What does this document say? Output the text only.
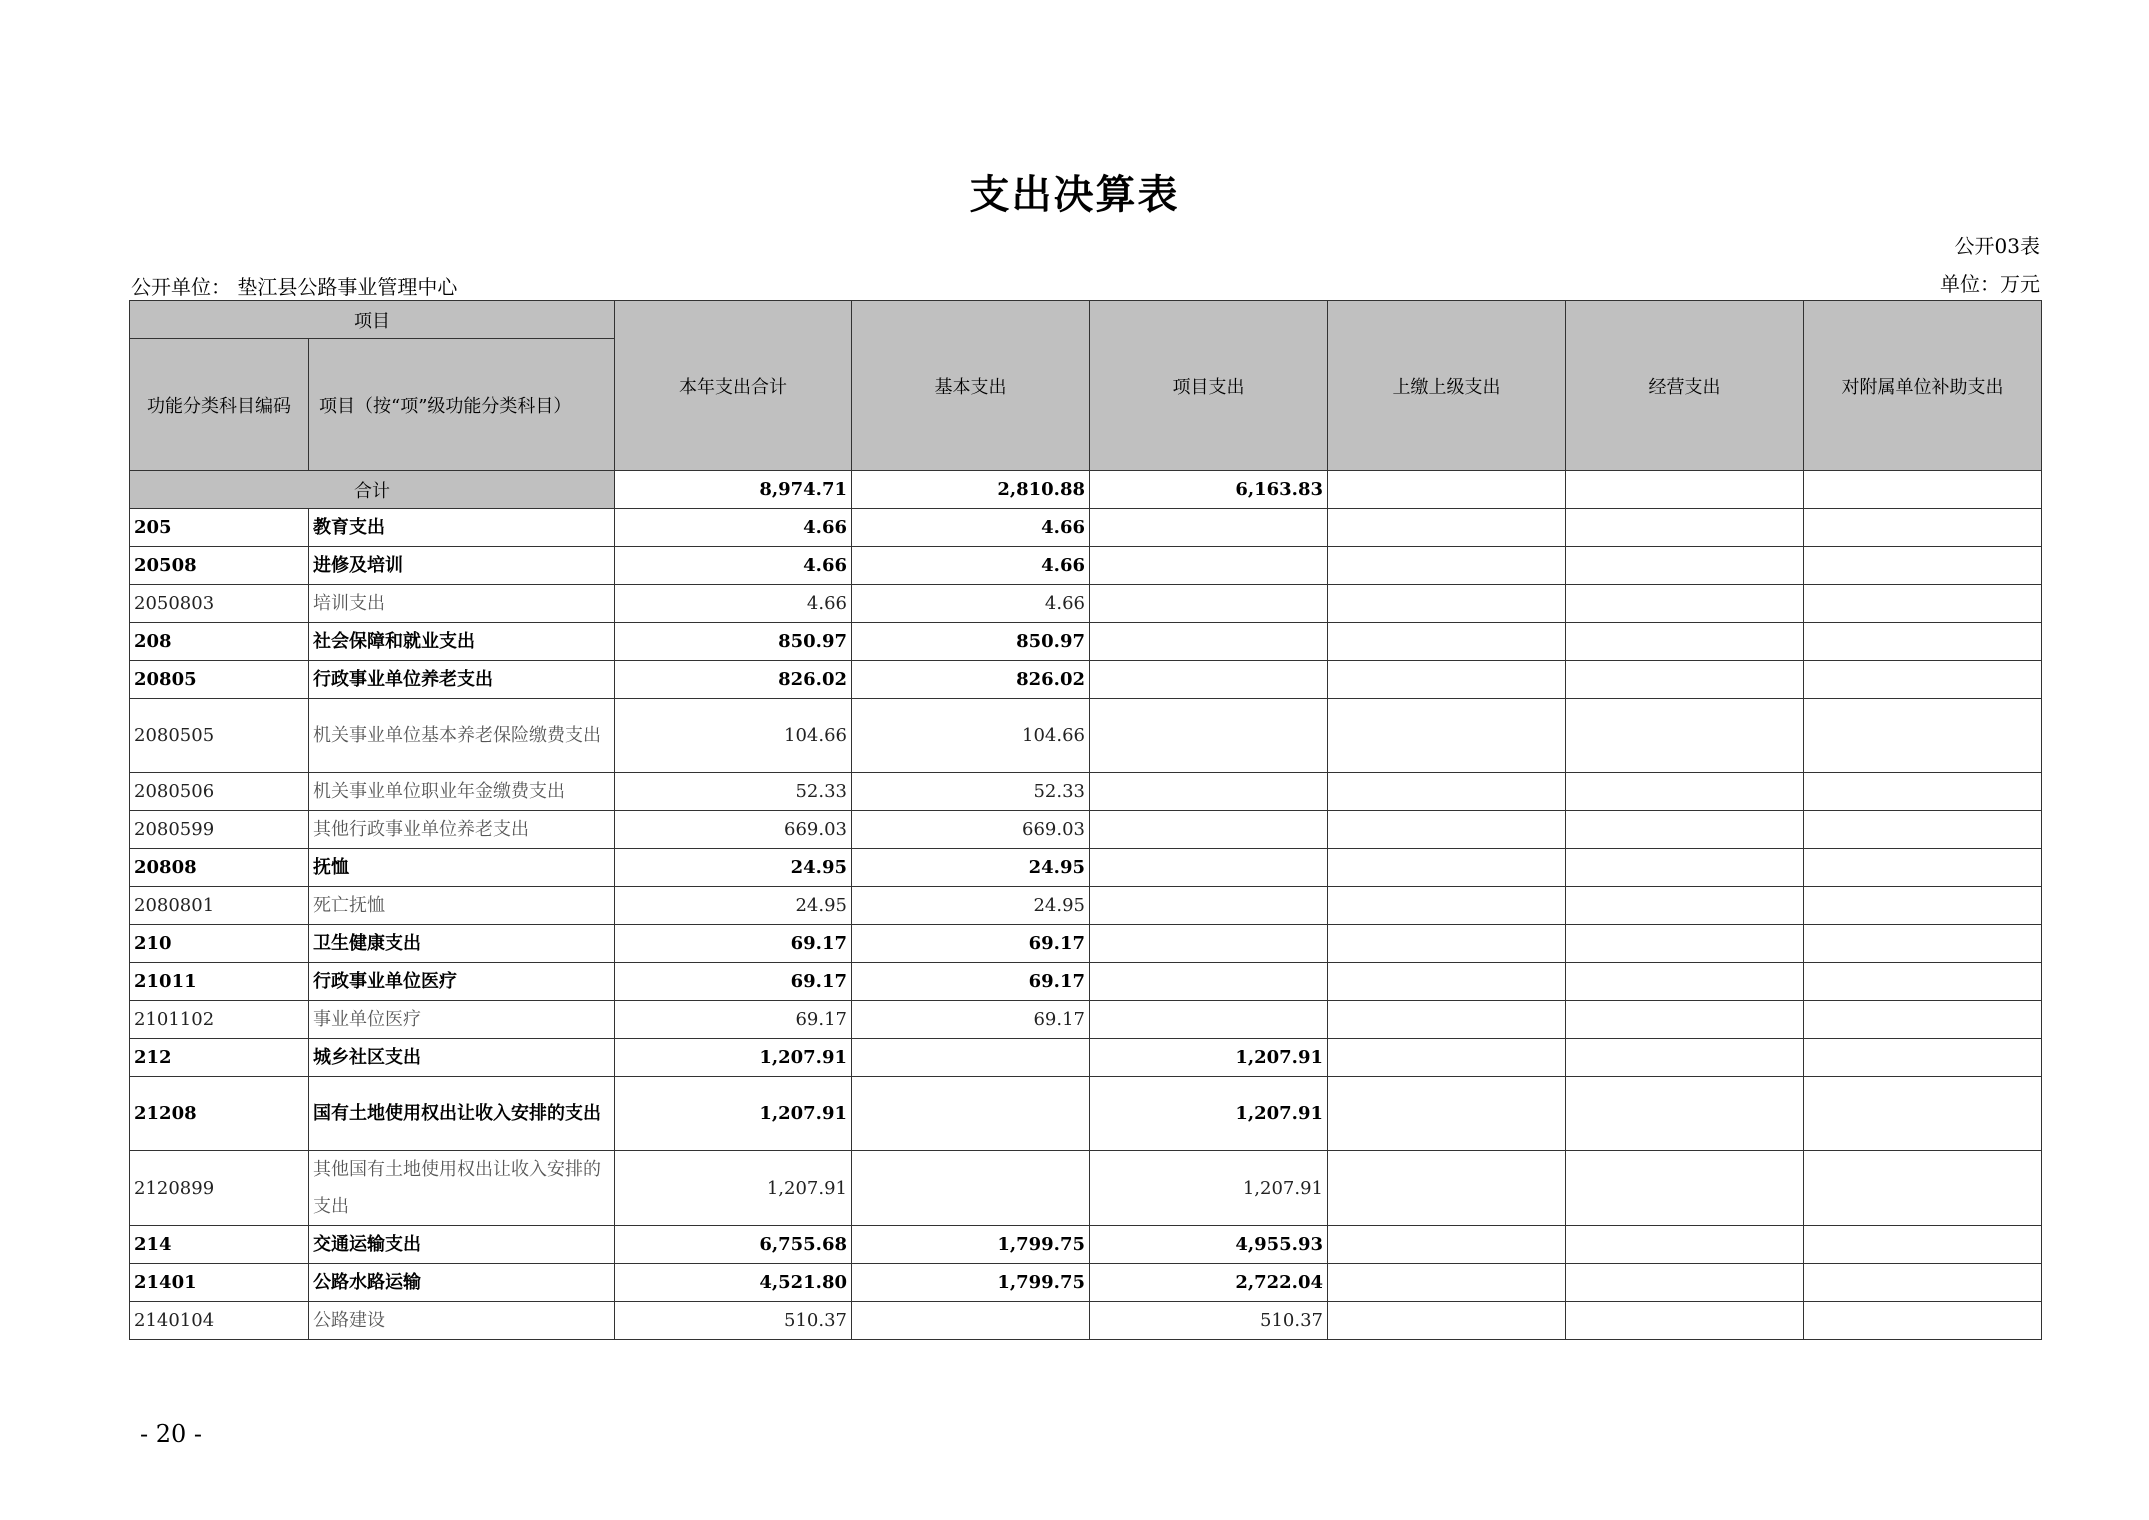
支出决算表
公开03表
公开单位： 垫江县公路事业管理中心	单位：万元
项目		本年支出合计	基本支出	项目支出	上缴上级支出	经营支出	对附属单位补助支出
功能分类科目编码	项目（按“项”级功能分类科目）						
合计		8,974.71	2,810.88	6,163.83			
205	教育支出	4.66	4.66				
20508	进修及培训	4.66	4.66				
2050803	培训支出	4.66	4.66				
208	社会保障和就业支出	850.97	850.97				
20805	行政事业单位养老支出	826.02	826.02				
2080505	机关事业单位基本养老保险缴费支出	104.66	104.66				
2080506	机关事业单位职业年金缴费支出	52.33	52.33				
2080599	其他行政事业单位养老支出	669.03	669.03				
20808	抚恤	24.95	24.95				
2080801	死亡抚恤	24.95	24.95				
210	卫生健康支出	69.17	69.17				
21011	行政事业单位医疗	69.17	69.17				
2101102	事业单位医疗	69.17	69.17				
212	城乡社区支出	1,207.91		1,207.91			
21208	国有土地使用权出让收入安排的支出	1,207.91		1,207.91			
2120899	其他国有土地使用权出让收入安排的支出	1,207.91		1,207.91			
214	交通运输支出	6,755.68	1,799.75	4,955.93			
21401	公路水路运输	4,521.80	1,799.75	2,722.04			
2140104	公路建设	510.37		510.37			
- 20 -
